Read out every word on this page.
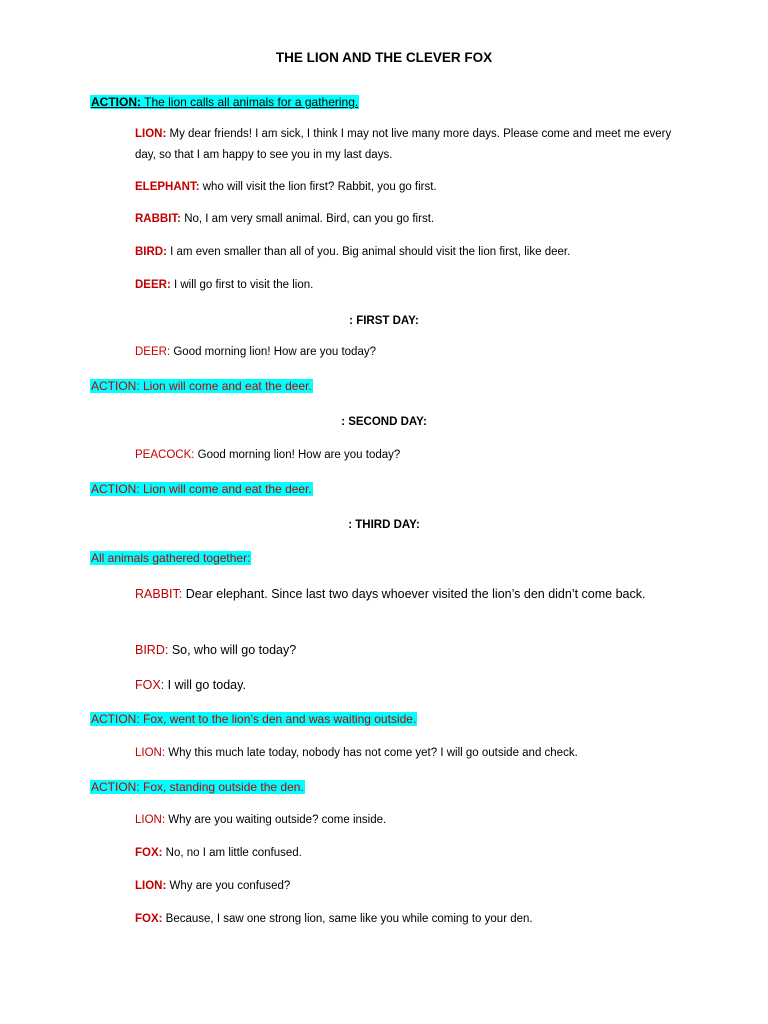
THE LION AND THE CLEVER FOX
ACTION: The lion calls all animals for a gathering.
LION: My dear friends! I am sick, I think I may not live many more days. Please come and meet me every day, so that I am happy to see you in my last days.
ELEPHANT: who will visit the lion first? Rabbit, you go first.
RABBIT: No, I am very small animal. Bird, can you go first.
BIRD: I am even smaller than all of you. Big animal should visit the lion first, like deer.
DEER: I will go first to visit the lion.
: FIRST DAY:
DEER: Good morning lion! How are you today?
ACTION: Lion will come and eat the deer.
: SECOND DAY:
PEACOCK: Good morning lion! How are you today?
ACTION: Lion will come and eat the deer.
: THIRD DAY:
All animals gathered together:
RABBIT: Dear elephant. Since last two days whoever visited the lion’s den didn’t come back.
BIRD: So, who will go today?
FOX: I will go today.
ACTION: Fox, went to the lion’s den and was waiting outside.
LION: Why this much late today, nobody has not come yet? I will go outside and check.
ACTION: Fox, standing outside the den.
LION: Why are you waiting outside? come inside.
FOX: No, no I am little confused.
LION: Why are you confused?
FOX: Because, I saw one strong lion, same like you while coming to your den.
